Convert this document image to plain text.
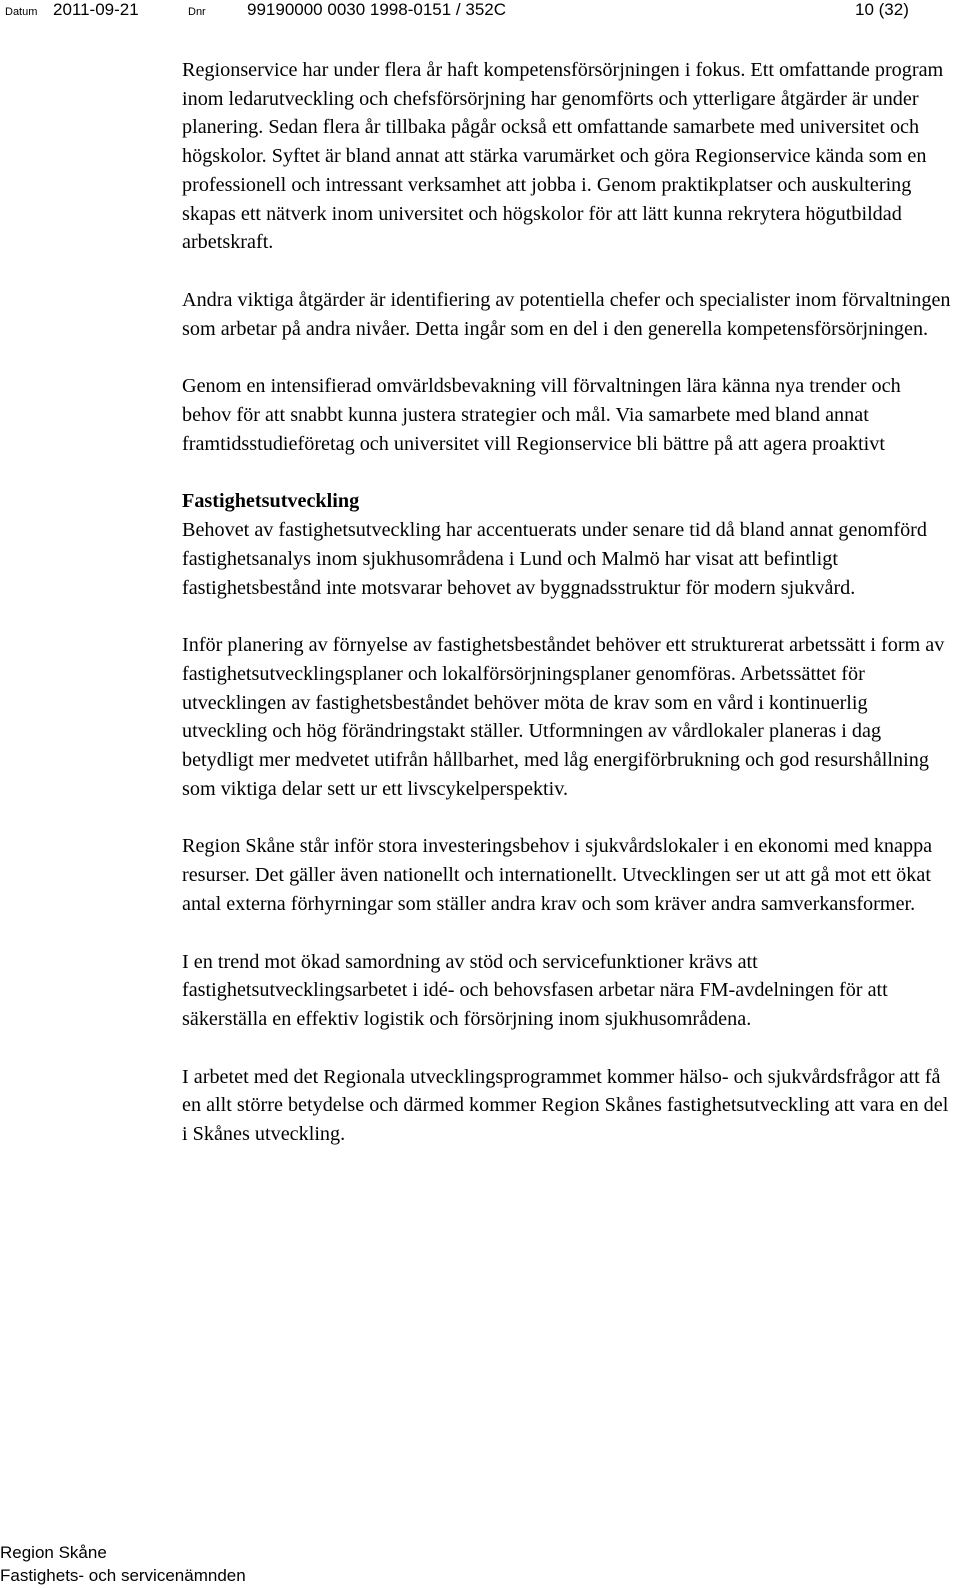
Datum 2011-09-21	Dnr 99190000 0030 1998-0151 / 352C	10 (32)

Regionservice har under flera år haft kompetensförsörjningen i fokus. Ett omfattande program inom ledarutveckling och chefsförsörjning har genomförts och ytterligare åtgärder är under planering. Sedan flera år tillbaka pågår också ett omfattande samarbete med universitet och högskolor. Syftet är bland annat att stärka varumärket och göra Regionservice kända som en professionell och intressant verksamhet att jobba i. Genom praktikplatser och auskultering skapas ett nätverk inom universitet och högskolor för att lätt kunna rekrytera högutbildad arbetskraft.

Andra viktiga åtgärder är identifiering av potentiella chefer och specialister inom förvaltningen som arbetar på andra nivåer. Detta ingår som en del i den generella kompetensförsörjningen.

Genom en intensifierad omvärldsbevakning vill förvaltningen lära känna nya trender och behov för att snabbt kunna justera strategier och mål. Via samarbete med bland annat framtidsstudieföretag och universitet vill Regionservice bli bättre på att agera proaktivt

Fastighetsutveckling

Behovet av fastighetsutveckling har accentuerats under senare tid då bland annat genomförd fastighetsanalys inom sjukhusområdena i Lund och Malmö har visat att befintligt fastighetsbestånd inte motsvarar behovet av byggnadsstruktur för modern sjukvård.

Inför planering av förnyelse av fastighetsbeståndet behöver ett strukturerat arbetssätt i form av fastighetsutvecklingsplaner och lokalförsörjningsplaner genomföras. Arbetssättet för utvecklingen av fastighetsbeståndet behöver möta de krav som en vård i kontinuerlig utveckling och hög förändringstakt ställer. Utformningen av vårdlokaler planeras i dag betydligt mer medvetet utifrån hållbarhet, med låg energiförbrukning och god resurshållning som viktiga delar sett ur ett livscykelperspektiv.

Region Skåne står inför stora investeringsbehov i sjukvårdslokaler i en ekonomi med knappa resurser. Det gäller även nationellt och internationellt. Utvecklingen ser ut att gå mot ett ökat antal externa förhyrningar som ställer andra krav och som kräver andra samverkansformer.

I en trend mot ökad samordning av stöd och servicefunktioner krävs att fastighetsutvecklingsarbetet i idé- och behovsfasen arbetar nära FM-avdelningen för att säkerställa en effektiv logistik och försörjning inom sjukhusområdena.

I arbetet med det Regionala utvecklingsprogrammet kommer hälso- och sjukvårdsfrågor att få en allt större betydelse och därmed kommer Region Skånes fastighetsutveckling att vara en del i Skånes utveckling.

Region Skåne
Fastighets- och servicenämnden
